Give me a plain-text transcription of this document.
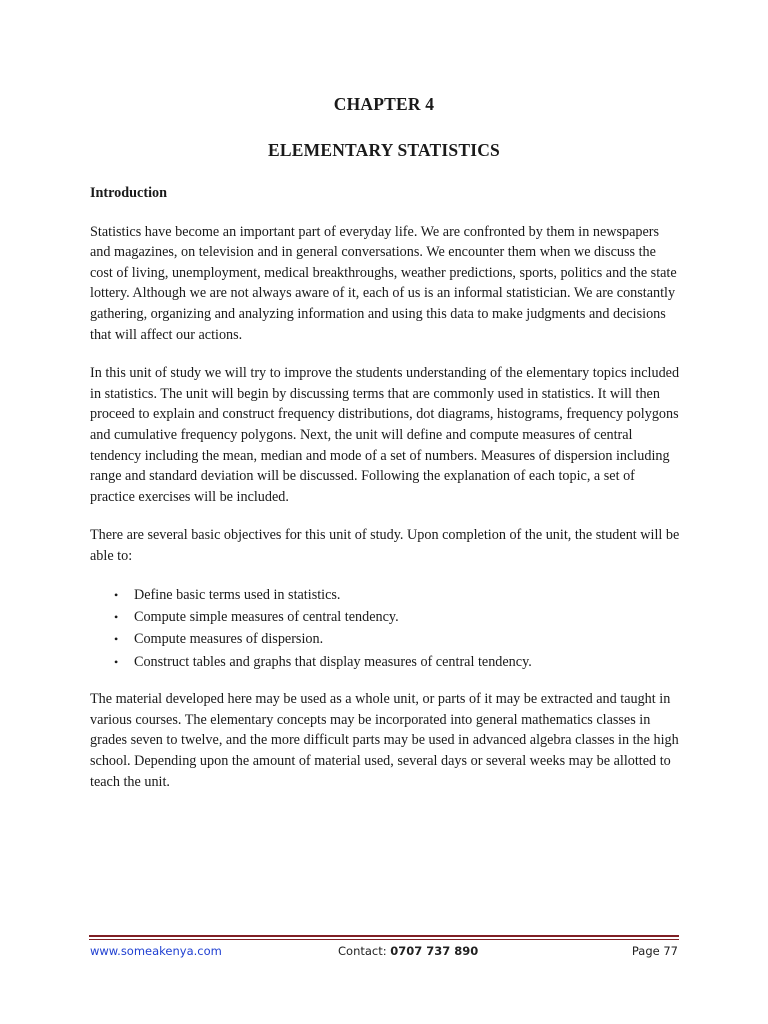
CHAPTER 4
ELEMENTARY STATISTICS
Introduction

Statistics have become an important part of everyday life. We are confronted by them in newspapers and magazines, on television and in general conversations. We encounter them when we discuss the cost of living, unemployment, medical breakthroughs, weather predictions, sports, politics and the state lottery. Although we are not always aware of it, each of us is an informal statistician. We are constantly gathering, organizing and analyzing information and using this data to make judgments and decisions that will affect our actions.

In this unit of study we will try to improve the students understanding of the elementary topics included in statistics. The unit will begin by discussing terms that are commonly used in statistics. It will then proceed to explain and construct frequency distributions, dot diagrams, histograms, frequency polygons and cumulative frequency polygons. Next, the unit will define and compute measures of central tendency including the mean, median and mode of a set of numbers. Measures of dispersion including range and standard deviation will be discussed. Following the explanation of each topic, a set of practice exercises will be included.

There are several basic objectives for this unit of study. Upon completion of the unit, the student will be able to:

• Define basic terms used in statistics.
• Compute simple measures of central tendency.
• Compute measures of dispersion.
• Construct tables and graphs that display measures of central tendency.

The material developed here may be used as a whole unit, or parts of it may be extracted and taught in various courses. The elementary concepts may be incorporated into general mathematics classes in grades seven to twelve, and the more difficult parts may be used in advanced algebra classes in the high school. Depending upon the amount of material used, several days or several weeks may be allotted to teach the unit.

www.someakenya.com	Contact: 0707 737 890	Page 77
